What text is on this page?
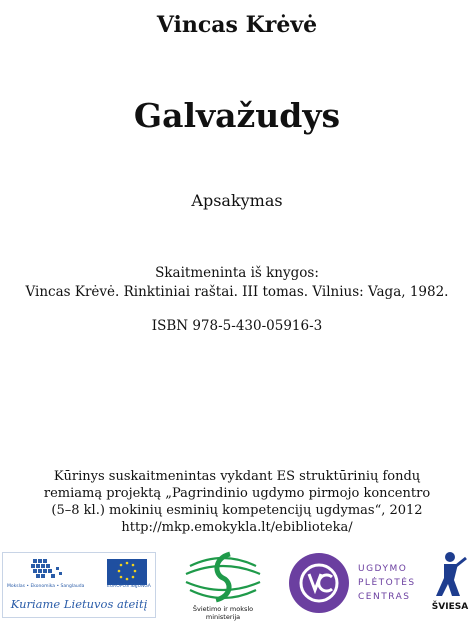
Vincas Krėvė
Galvažudys
Apsakymas
Skaitmeninta iš knygos:
Vincas Krėvė. Rinktiniai raštai. III tomas. Vilnius: Vaga, 1982.
ISBN 978-5-430-05916-3
Kūrinys suskaitmenintas vykdant ES struktūrinių fondų
remiamą projektą „Pagrindinio ugdymo pirmojo koncentro
(5–8 kl.) mokinių esminių kompetencijų ugdymas“, 2012
http://mkp.emokykla.lt/ebiblioteka/
Mokslas • Ekonomika • Sanglauda	EUROPOS SĄJUNGA
Kuriame Lietuvos ateitį	Švietimo ir mokslo ministerija
UGDYMO
PLĖTOTĖS
CENTRAS
ŠVIESA
